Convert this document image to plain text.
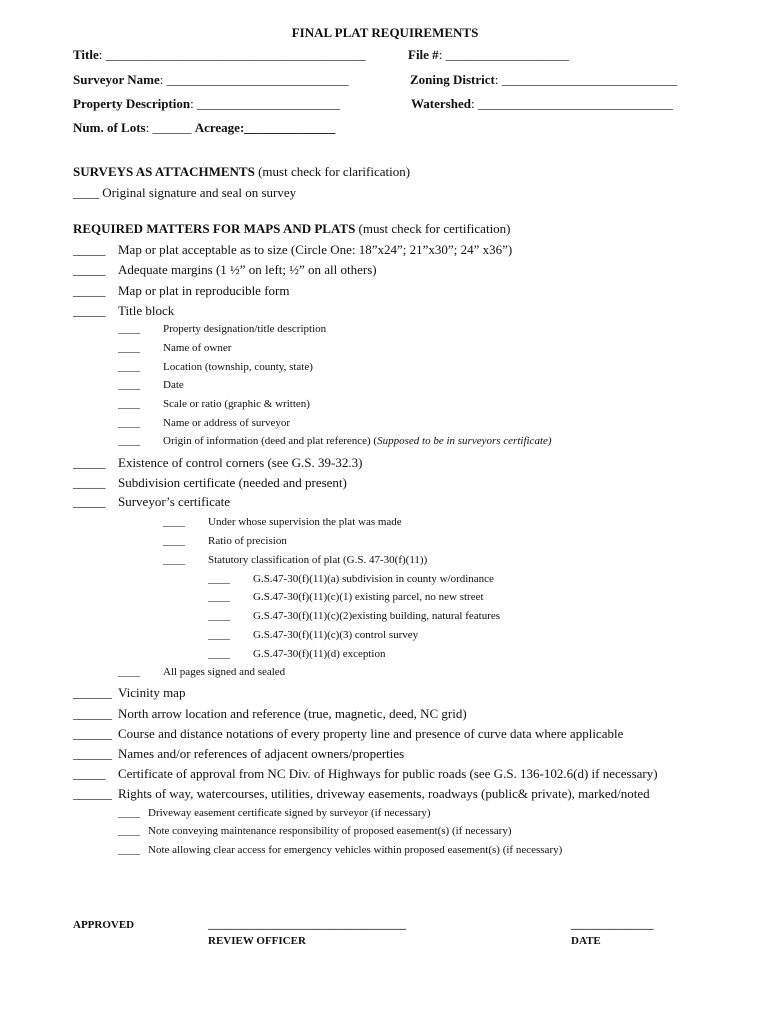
FINAL PLAT REQUIREMENTS
Title: ________________________________________	File #: ___________________
Surveyor Name: ____________________________	Zoning District: ___________________________
Property Description: ______________________	Watershed: ______________________________
Num. of Lots: ______ Acreage:______________
SURVEYS AS ATTACHMENTS (must check for clarification)
____ Original signature and seal on survey
REQUIRED MATTERS FOR MAPS AND PLATS (must check for certification)
_____ Map or plat acceptable as to size (Circle One: 18”x24”; 21”x30”; 24” x36”)
_____ Adequate margins (1 ½” on left; ½” on all others)
_____ Map or plat in reproducible form
_____ Title block
____ Property designation/title description
____ Name of owner
____ Location (township, county, state)
____ Date
____ Scale or ratio (graphic & written)
____ Name or address of surveyor
____ Origin of information (deed and plat reference) (Supposed to be in surveyors certificate)
_____ Existence of control corners (see G.S. 39-32.3)
_____ Subdivision certificate (needed and present)
_____ Surveyor’s certificate
____ Under whose supervision the plat was made
____ Ratio of precision
____ Statutory classification of plat (G.S. 47-30(f)(11))
____ G.S.47-30(f)(11)(a) subdivision in county w/ordinance
____ G.S.47-30(f)(11)(c)(1) existing parcel, no new street
____ G.S.47-30(f)(11)(c)(2)existing building, natural features
____ G.S.47-30(f)(11)(c)(3) control survey
____ G.S.47-30(f)(11)(d) exception
____ All pages signed and sealed
______ Vicinity map
______ North arrow location and reference (true, magnetic, deed, NC grid)
______ Course and distance notations of every property line and presence of curve data where applicable
______ Names and/or references of adjacent owners/properties
_____ Certificate of approval from NC Div. of Highways for public roads (see G.S. 136-102.6(d) if necessary)
______ Rights of way, watercourses, utilities, driveway easements, roadways (public& private), marked/noted
____ Driveway easement certificate signed by surveyor (if necessary)
____ Note conveying maintenance responsibility of proposed easement(s) (if necessary)
____ Note allowing clear access for emergency vehicles within proposed easement(s) (if necessary)
APPROVED	____________________________________
REVIEW OFFICER
_______________
DATE
